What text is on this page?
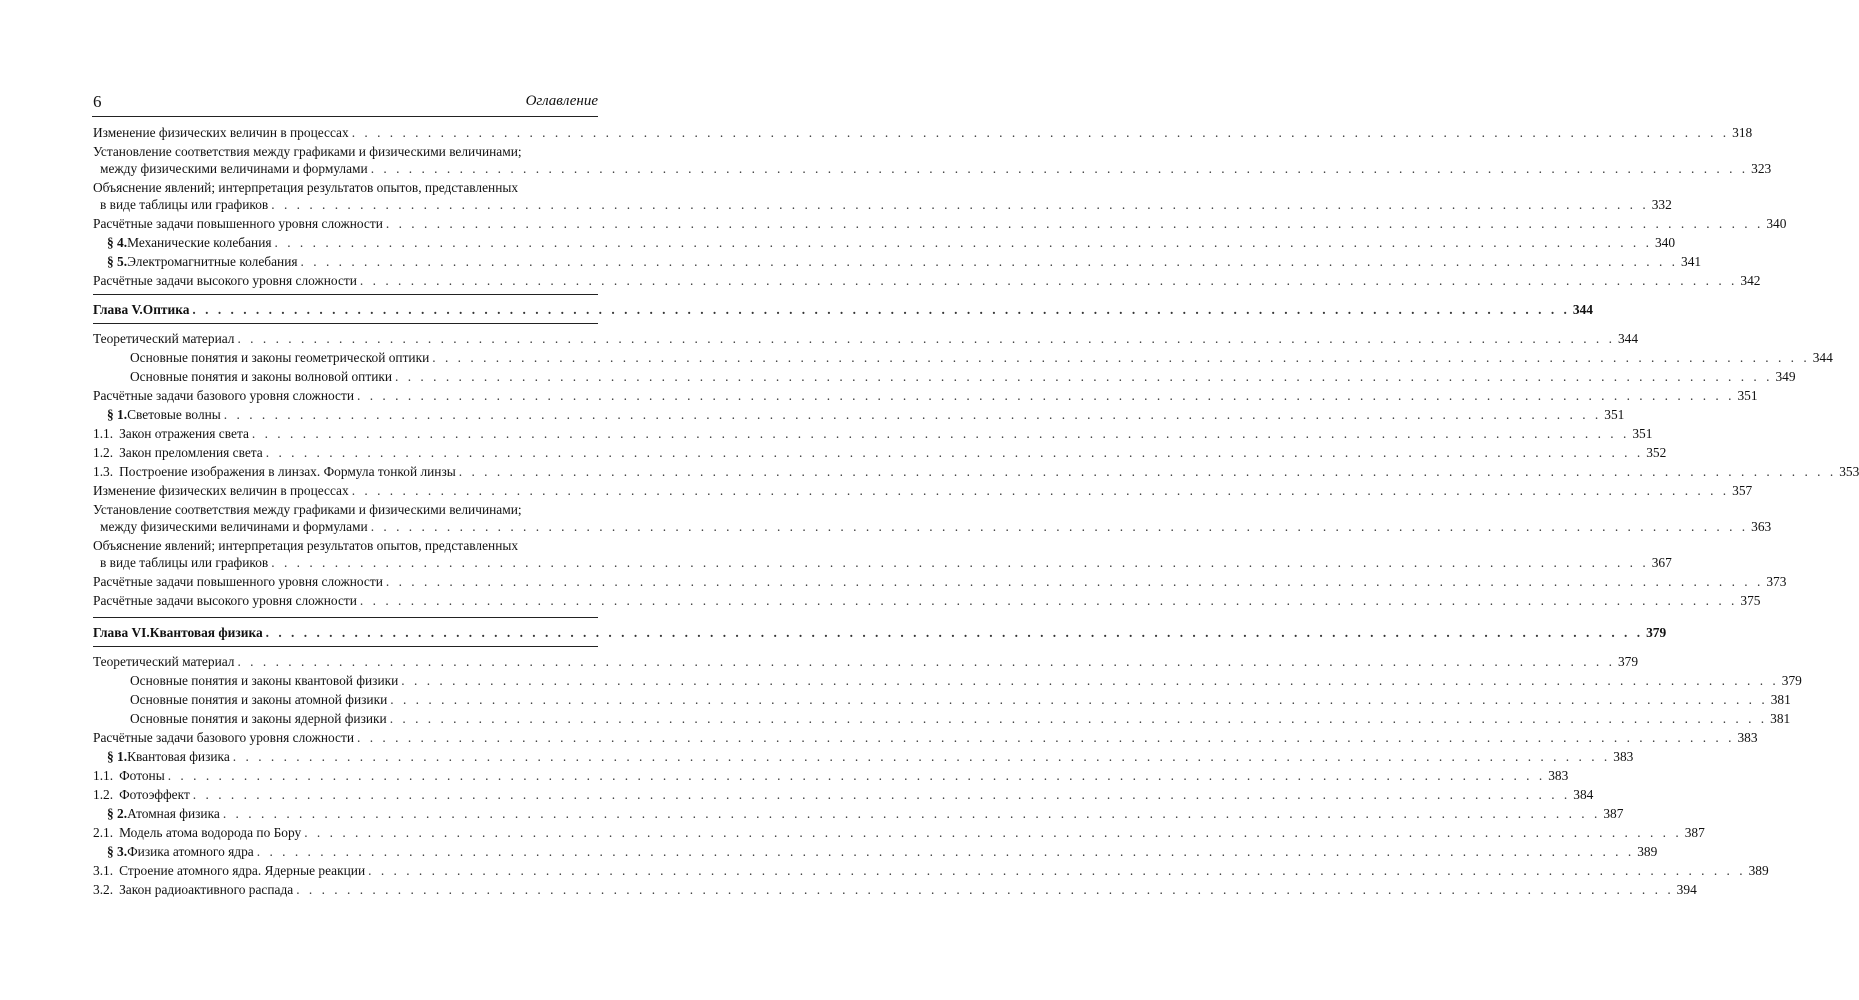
6	Оглавление
Изменение физических величин в процессах . . .	318
Установление соответствия между графиками и физическими величинами;
между физическими величинами и формулами . . .	323
Объяснение явлений; интерпретация результатов опытов, представленных
в виде таблицы или графиков . . .	332
Расчётные задачи повышенного уровня сложности . . .	340
§ 4. Механические колебания . . .	340
§ 5. Электромагнитные колебания . . .	341
Расчётные задачи высокого уровня сложности . . .	342
Глава V. Оптика . . .	344
Теоретический материал . . .	344
Основные понятия и законы геометрической оптики . . .	344
Основные понятия и законы волновой оптики . . .	349
Расчётные задачи базового уровня сложности . . .	351
§ 1. Световые волны . . .	351
1.1. Закон отражения света . . .	351
1.2. Закон преломления света . . .	352
1.3. Построение изображения в линзах. Формула тонкой линзы . . .	353
Изменение физических величин в процессах . . .	357
Установление соответствия между графиками и физическими величинами;
между физическими величинами и формулами . . .	363
Объяснение явлений; интерпретация результатов опытов, представленных
в виде таблицы или графиков . . .	367
Расчётные задачи повышенного уровня сложности . . .	373
Расчётные задачи высокого уровня сложности . . .	375
Глава VI. Квантовая физика . . .	379
Теоретический материал . . .	379
Основные понятия и законы квантовой физики . . .	379
Основные понятия и законы атомной физики . . .	381
Основные понятия и законы ядерной физики . . .	381
Расчётные задачи базового уровня сложности . . .	383
§ 1. Квантовая физика . . .	383
1.1. Фотоны . . .	383
1.2. Фотоэффект . . .	384
§ 2. Атомная физика . . .	387
2.1. Модель атома водорода по Бору . . .	387
§ 3. Физика атомного ядра . . .	389
3.1. Строение атомного ядра. Ядерные реакции . . .	389
3.2. Закон радиоактивного распада . . .	394
